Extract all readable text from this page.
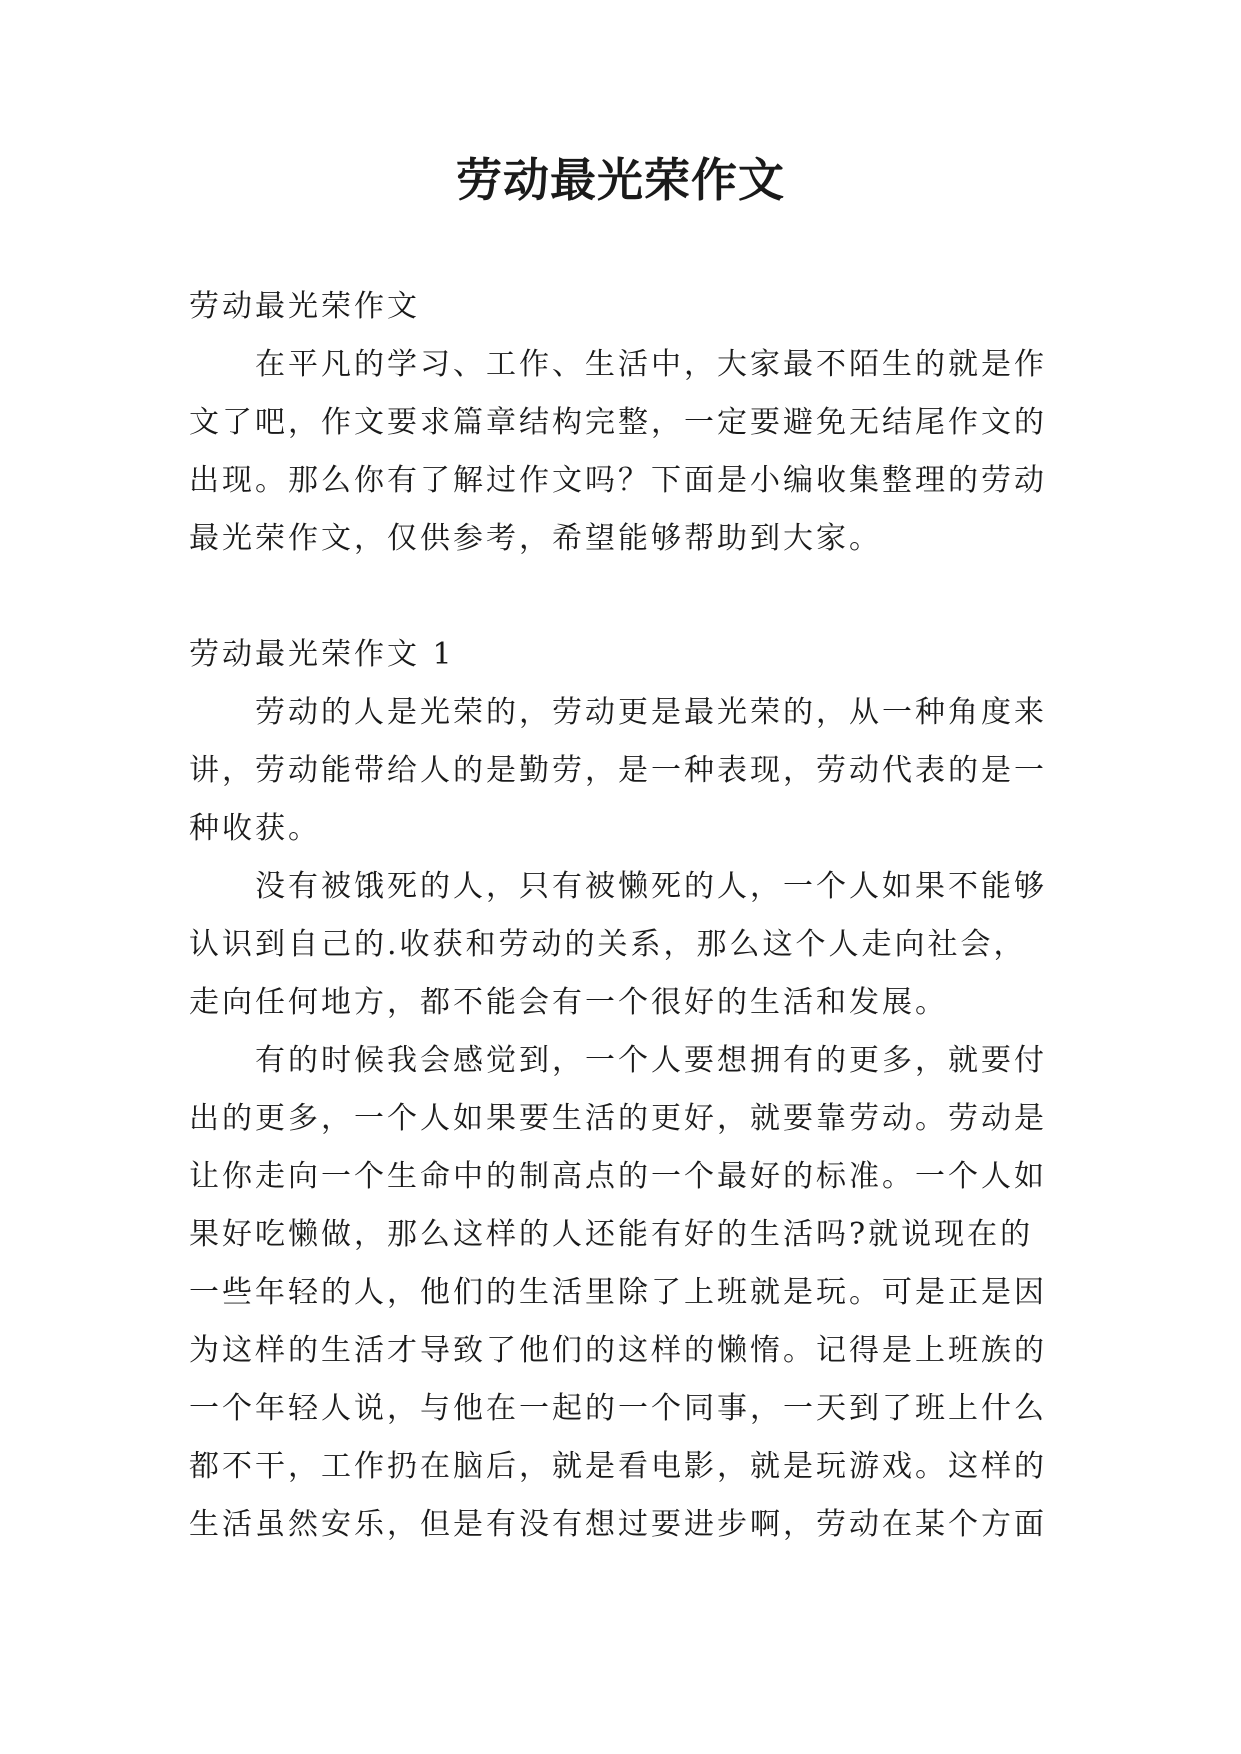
劳动最光荣作文
劳动最光荣作文
在平凡的学习、工作、生活中，大家最不陌生的就是作
文了吧，作文要求篇章结构完整，一定要避免无结尾作文的
出现。那么你有了解过作文吗？下面是小编收集整理的劳动
最光荣作文，仅供参考，希望能够帮助到大家。
劳动最光荣作文 1
劳动的人是光荣的，劳动更是最光荣的，从一种角度来
讲，劳动能带给人的是勤劳，是一种表现，劳动代表的是一
种收获。
没有被饿死的人，只有被懒死的人，一个人如果不能够
认识到自己的.收获和劳动的关系，那么这个人走向社会，
走向任何地方，都不能会有一个很好的生活和发展。
有的时候我会感觉到，一个人要想拥有的更多，就要付
出的更多，一个人如果要生活的更好，就要靠劳动。劳动是
让你走向一个生命中的制高点的一个最好的标准。一个人如
果好吃懒做，那么这样的人还能有好的生活吗?就说现在的
一些年轻的人，他们的生活里除了上班就是玩。可是正是因
为这样的生活才导致了他们的这样的懒惰。记得是上班族的
一个年轻人说，与他在一起的一个同事，一天到了班上什么
都不干，工作扔在脑后，就是看电影，就是玩游戏。这样的
生活虽然安乐，但是有没有想过要进步啊，劳动在某个方面
